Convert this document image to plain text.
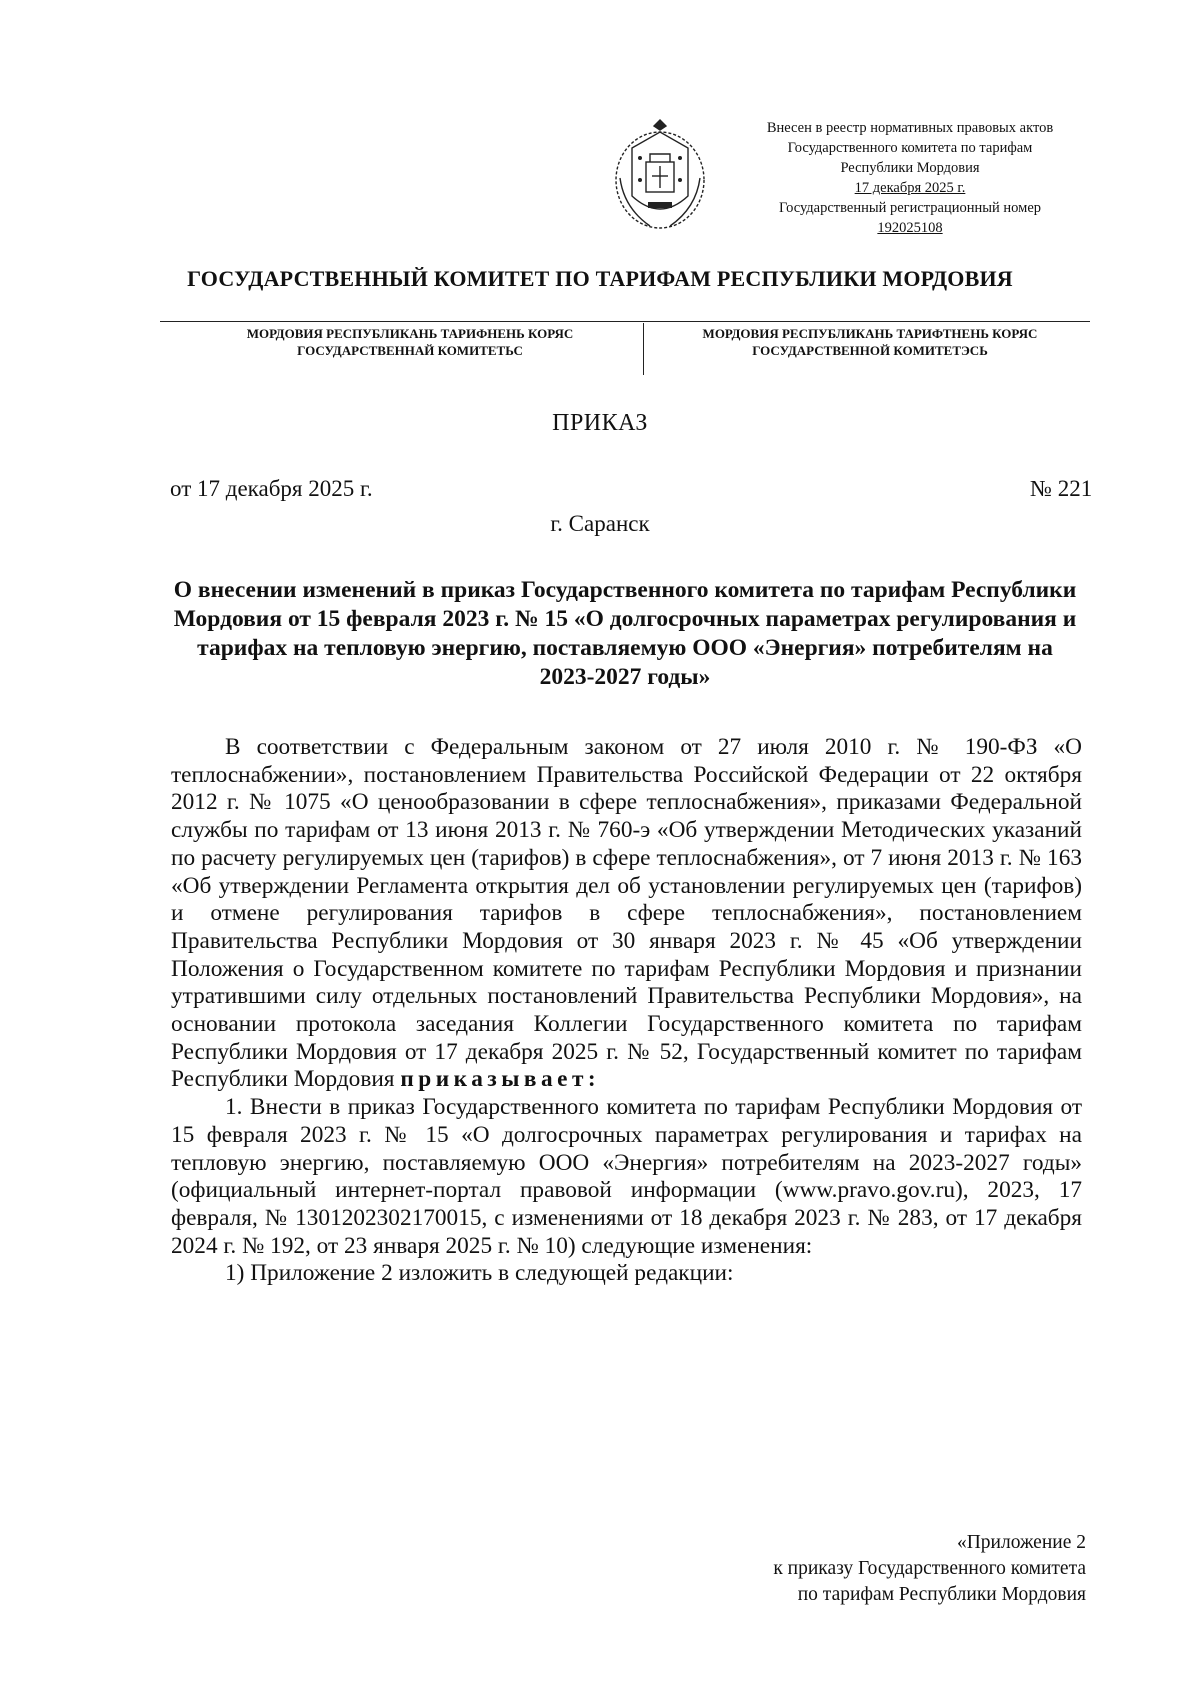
Внесен в реестр нормативных правовых актов
Государственного комитета по тарифам
Республики Мордовия
17 декабря 2025 г.
Государственный регистрационный номер
192025108
ГОСУДАРСТВЕННЫЙ КОМИТЕТ ПО ТАРИФАМ РЕСПУБЛИКИ МОРДОВИЯ
МОРДОВИЯ РЕСПУБЛИКАНЬ ТАРИФНЕНЬ КОРЯС
ГОСУДАРСТВЕННАЙ КОМИТЕТЬС
МОРДОВИЯ РЕСПУБЛИКАНЬ ТАРИФТНЕНЬ КОРЯС
ГОСУДАРСТВЕННОЙ КОМИТЕТЭСЬ
ПРИКАЗ
от 17 декабря 2025 г.	№ 221
г. Саранск
О внесении изменений в приказ Государственного комитета по тарифам Республики Мордовия от 15 февраля 2023 г. № 15 «О долгосрочных параметрах регулирования и тарифах на тепловую энергию, поставляемую ООО «Энергия» потребителям на 2023-2027 годы»

В соответствии с Федеральным законом от 27 июля 2010 г. № 190-ФЗ «О теплоснабжении», постановлением Правительства Российской Федерации от 22 октября 2012 г. № 1075 «О ценообразовании в сфере теплоснабжения», приказами Федеральной службы по тарифам от 13 июня 2013 г. № 760-э «Об утверждении Методических указаний по расчету регулируемых цен (тарифов) в сфере теплоснабжения», от 7 июня 2013 г. № 163 «Об утверждении Регламента открытия дел об установлении регулируемых цен (тарифов) и отмене регулирования тарифов в сфере теплоснабжения», постановлением Правительства Республики Мордовия от 30 января 2023 г. № 45 «Об утверждении Положения о Государственном комитете по тарифам Республики Мордовия и признании утратившими силу отдельных постановлений Правительства Республики Мордовия», на основании протокола заседания Коллегии Государственного комитета по тарифам Республики Мордовия от 17 декабря 2025 г. № 52, Государственный комитет по тарифам Республики Мордовия приказывает:

1. Внести в приказ Государственного комитета по тарифам Республики Мордовия от 15 февраля 2023 г. № 15 «О долгосрочных параметрах регулирования и тарифах на тепловую энергию, поставляемую ООО «Энергия» потребителям на 2023-2027 годы» (официальный интернет-портал правовой информации (www.pravo.gov.ru), 2023, 17 февраля, № 1301202302170015, с изменениями от 18 декабря 2023 г. № 283, от 17 декабря 2024 г. № 192, от 23 января 2025 г. № 10) следующие изменения:

1) Приложение 2 изложить в следующей редакции:

«Приложение 2
к приказу Государственного комитета
по тарифам Республики Мордовия
